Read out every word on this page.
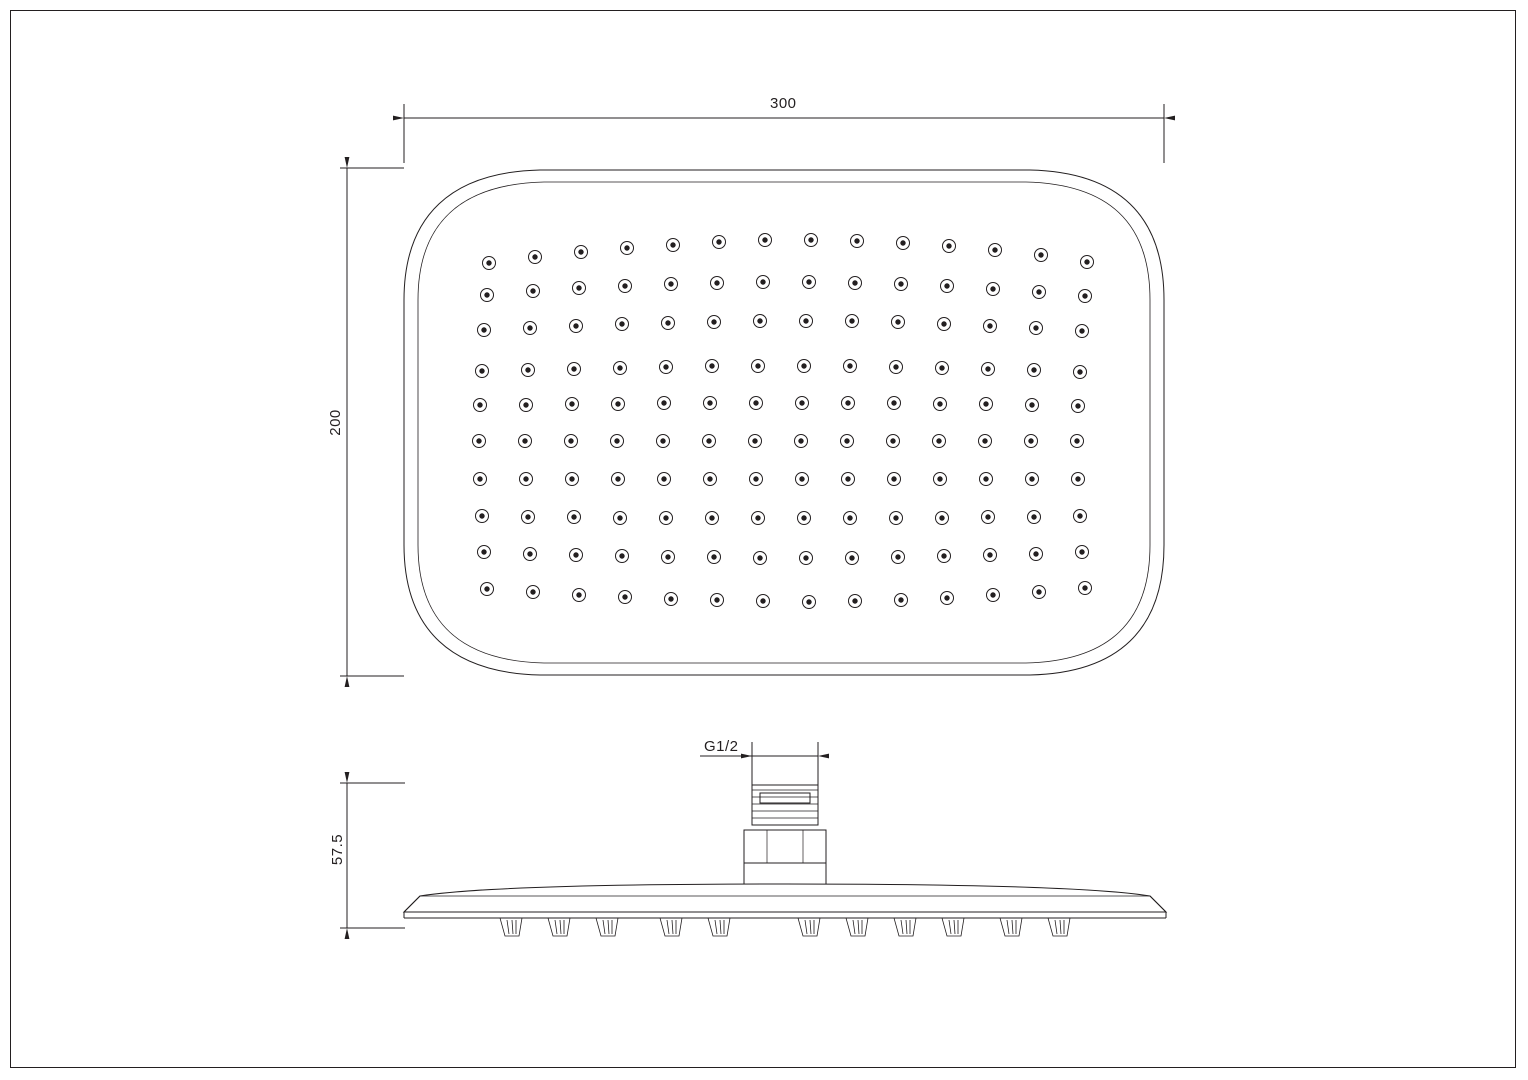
300
200
57.5
G1/2
